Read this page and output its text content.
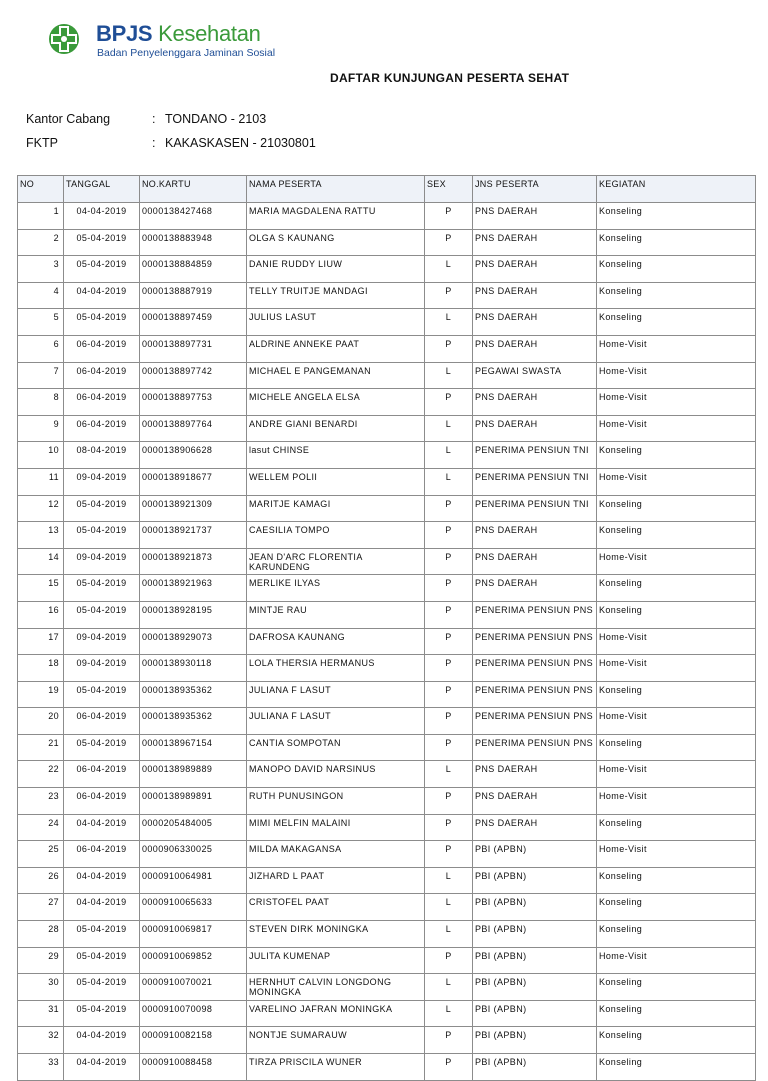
BPJS Kesehatan
Badan Penyelenggara Jaminan Sosial
DAFTAR KUNJUNGAN PESERTA SEHAT
Kantor Cabang	: TONDANO - 2103
FKTP	: KAKASKASEN - 21030801
NO	TANGGAL	NO.KARTU	NAMA PESERTA	SEX	JNS PESERTA	KEGIATAN
1	04-04-2019	0000138427468	MARIA MAGDALENA RATTU	P	PNS DAERAH	Konseling
2	05-04-2019	0000138883948	OLGA S KAUNANG	P	PNS DAERAH	Konseling
3	05-04-2019	0000138884859	DANIE RUDDY LIUW	L	PNS DAERAH	Konseling
4	04-04-2019	0000138887919	TELLY TRUITJE MANDAGI	P	PNS DAERAH	Konseling
5	05-04-2019	0000138897459	JULIUS LASUT	L	PNS DAERAH	Konseling
6	06-04-2019	0000138897731	ALDRINE ANNEKE PAAT	P	PNS DAERAH	Home-Visit
7	06-04-2019	0000138897742	MICHAEL E PANGEMANAN	L	PEGAWAI SWASTA	Home-Visit
8	06-04-2019	0000138897753	MICHELE ANGELA ELSA	P	PNS DAERAH	Home-Visit
9	06-04-2019	0000138897764	ANDRE GIANI BENARDI	L	PNS DAERAH	Home-Visit
10	08-04-2019	0000138906628	lasut CHINSE	L	PENERIMA PENSIUN TNI	Konseling
11	09-04-2019	0000138918677	WELLEM POLII	L	PENERIMA PENSIUN TNI	Home-Visit
12	05-04-2019	0000138921309	MARITJE KAMAGI	P	PENERIMA PENSIUN TNI	Konseling
13	05-04-2019	0000138921737	CAESILIA TOMPO	P	PNS DAERAH	Konseling
14	09-04-2019	0000138921873	JEAN D'ARC FLORENTIA KARUNDENG	P	PNS DAERAH	Home-Visit
15	05-04-2019	0000138921963	MERLIKE ILYAS	P	PNS DAERAH	Konseling
16	05-04-2019	0000138928195	MINTJE RAU	P	PENERIMA PENSIUN PNS	Konseling
17	09-04-2019	0000138929073	DAFROSA KAUNANG	P	PENERIMA PENSIUN PNS	Home-Visit
18	09-04-2019	0000138930118	LOLA THERSIA HERMANUS	P	PENERIMA PENSIUN PNS	Home-Visit
19	05-04-2019	0000138935362	JULIANA F LASUT	P	PENERIMA PENSIUN PNS	Konseling
20	06-04-2019	0000138935362	JULIANA F LASUT	P	PENERIMA PENSIUN PNS	Home-Visit
21	05-04-2019	0000138967154	CANTIA SOMPOTAN	P	PENERIMA PENSIUN PNS	Konseling
22	06-04-2019	0000138989889	MANOPO DAVID NARSINUS	L	PNS DAERAH	Home-Visit
23	06-04-2019	0000138989891	RUTH PUNUSINGON	P	PNS DAERAH	Home-Visit
24	04-04-2019	0000205484005	MIMI MELFIN MALAINI	P	PNS DAERAH	Konseling
25	06-04-2019	0000906330025	MILDA MAKAGANSA	P	PBI (APBN)	Home-Visit
26	04-04-2019	0000910064981	JIZHARD L PAAT	L	PBI (APBN)	Konseling
27	04-04-2019	0000910065633	CRISTOFEL PAAT	L	PBI (APBN)	Konseling
28	05-04-2019	0000910069817	STEVEN DIRK MONINGKA	L	PBI (APBN)	Konseling
29	05-04-2019	0000910069852	JULITA KUMENAP	P	PBI (APBN)	Home-Visit
30	05-04-2019	0000910070021	HERNHUT CALVIN LONGDONG MONINGKA	L	PBI (APBN)	Konseling
31	05-04-2019	0000910070098	VARELINO JAFRAN MONINGKA	L	PBI (APBN)	Konseling
32	04-04-2019	0000910082158	NONTJE SUMARAUW	P	PBI (APBN)	Konseling
33	04-04-2019	0000910088458	TIRZA PRISCILA WUNER	P	PBI (APBN)	Konseling
